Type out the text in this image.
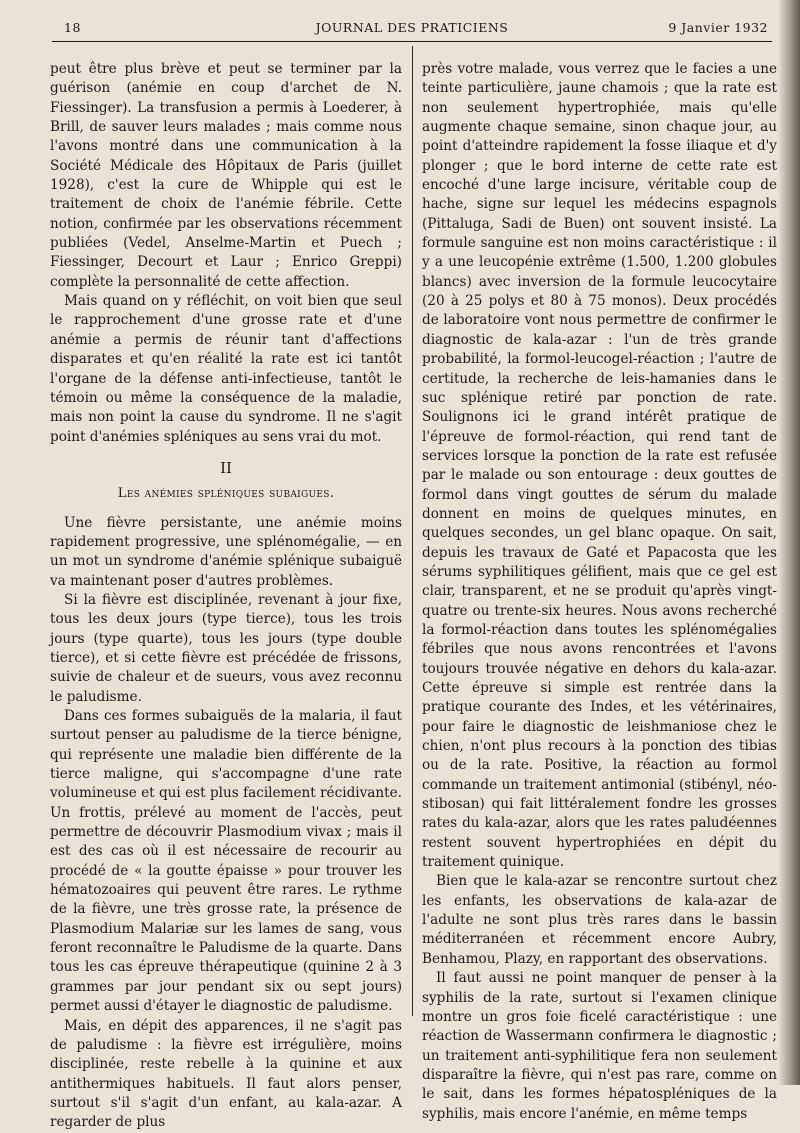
18	JOURNAL DES PRATICIENS	9 Janvier 1932

peut être plus brève et peut se terminer par la guérison (anémie en coup d'archet de N. Fiessinger). La transfusion a permis à Loederer, à Brill, de sauver leurs malades ; mais comme nous l'avons montré dans une communication à la Société Médicale des Hôpitaux de Paris (juillet 1928), c'est la cure de Whipple qui est le traitement de choix de l'anémie fébrile. Cette notion, confirmée par les observations récemment publiées (Vedel, Anselme-Martin et Puech ; Fiessinger, Decourt et Laur ; Enrico Greppi) complète la personnalité de cette affection.

Mais quand on y réfléchit, on voit bien que seul le rapprochement d'une grosse rate et d'une anémie a permis de réunir tant d'affections disparates et qu'en réalité la rate est ici tantôt l'organe de la défense anti-infectieuse, tantôt le témoin ou même la conséquence de la maladie, mais non point la cause du syndrome. Il ne s'agit point d'anémies spléniques au sens vrai du mot.

II
Les anémies spléniques subaigues.

Une fièvre persistante, une anémie moins rapidement progressive, une splénomégalie, — en un mot un syndrome d'anémie splénique subaiguë va maintenant poser d'autres problèmes.

Si la fièvre est disciplinée, revenant à jour fixe, tous les deux jours (type tierce), tous les trois jours (type quarte), tous les jours (type double tierce), et si cette fièvre est précédée de frissons, suivie de chaleur et de sueurs, vous avez reconnu le paludisme.

Dans ces formes subaiguës de la malaria, il faut surtout penser au paludisme de la tierce bénigne, qui représente une maladie bien différente de la tierce maligne, qui s'accompagne d'une rate volumineuse et qui est plus facilement récidivante. Un frottis, prélevé au moment de l'accès, peut permettre de découvrir Plasmodium vivax ; mais il est des cas où il est nécessaire de recourir au procédé de « la goutte épaisse » pour trouver les hématozoaires qui peuvent être rares. Le rythme de la fièvre, une très grosse rate, la présence de Plasmodium Malariæ sur les lames de sang, vous feront reconnaître le Paludisme de la quarte. Dans tous les cas épreuve thérapeutique (quinine 2 à 3 grammes par jour pendant six ou sept jours) permet aussi d'étayer le diagnostic de paludisme.

Mais, en dépit des apparences, il ne s'agit pas de paludisme : la fièvre est irrégulière, moins disciplinée, reste rebelle à la quinine et aux antithermiques habituels. Il faut alors penser, surtout s'il s'agit d'un enfant, au kala-azar. A regarder de plus

près votre malade, vous verrez que le facies a une teinte particulière, jaune chamois ; que la rate est non seulement hypertrophiée, mais qu'elle augmente chaque semaine, sinon chaque jour, au point d'atteindre rapidement la fosse iliaque et d'y plonger ; que le bord interne de cette rate est encoché d'une large incisure, véritable coup de hache, signe sur lequel les médecins espagnols (Pittaluga, Sadi de Buen) ont souvent insisté. La formule sanguine est non moins caractéristique : il y a une leucopénie extrême (1.500, 1.200 globules blancs) avec inversion de la formule leucocytaire (20 à 25 polys et 80 à 75 monos). Deux procédés de laboratoire vont nous permettre de confirmer le diagnostic de kala-azar : l'un de très grande probabilité, la formol-leucogel-réaction ; l'autre de certitude, la recherche de leis-hamanies dans le suc splénique retiré par ponction de rate. Soulignons ici le grand intérêt pratique de l'épreuve de formol-réaction, qui rend tant de services lorsque la ponction de la rate est refusée par le malade ou son entourage : deux gouttes de formol dans vingt gouttes de sérum du malade donnent en moins de quelques minutes, en quelques secondes, un gel blanc opaque. On sait, depuis les travaux de Gaté et Papacosta que les sérums syphilitiques gélifient, mais que ce gel est clair, transparent, et ne se produit qu'après vingt-quatre ou trente-six heures. Nous avons recherché la formol-réaction dans toutes les splénomégalies fébriles que nous avons rencontrées et l'avons toujours trouvée négative en dehors du kala-azar. Cette épreuve si simple est rentrée dans la pratique courante des Indes, et les vétérinaires, pour faire le diagnostic de leishmaniose chez le chien, n'ont plus recours à la ponction des tibias ou de la rate. Positive, la réaction au formol commande un traitement antimonial (stibényl, néo-stibosan) qui fait littéralement fondre les grosses rates du kala-azar, alors que les rates paludéennes restent souvent hypertrophiées en dépit du traitement quinique.

Bien que le kala-azar se rencontre surtout chez les enfants, les observations de kala-azar de l'adulte ne sont plus très rares dans le bassin méditerranéen et récemment encore Aubry, Benhamou, Plazy, en rapportant des observations.

Il faut aussi ne point manquer de penser à la syphilis de la rate, surtout si l'examen clinique montre un gros foie ficelé caractéristique : une réaction de Wassermann confirmera le diagnostic ; un traitement anti-syphilitique fera non seulement disparaître la fièvre, qui n'est pas rare, comme on le sait, dans les formes hépatospléniques de la syphilis, mais encore l'anémie, en même temps
